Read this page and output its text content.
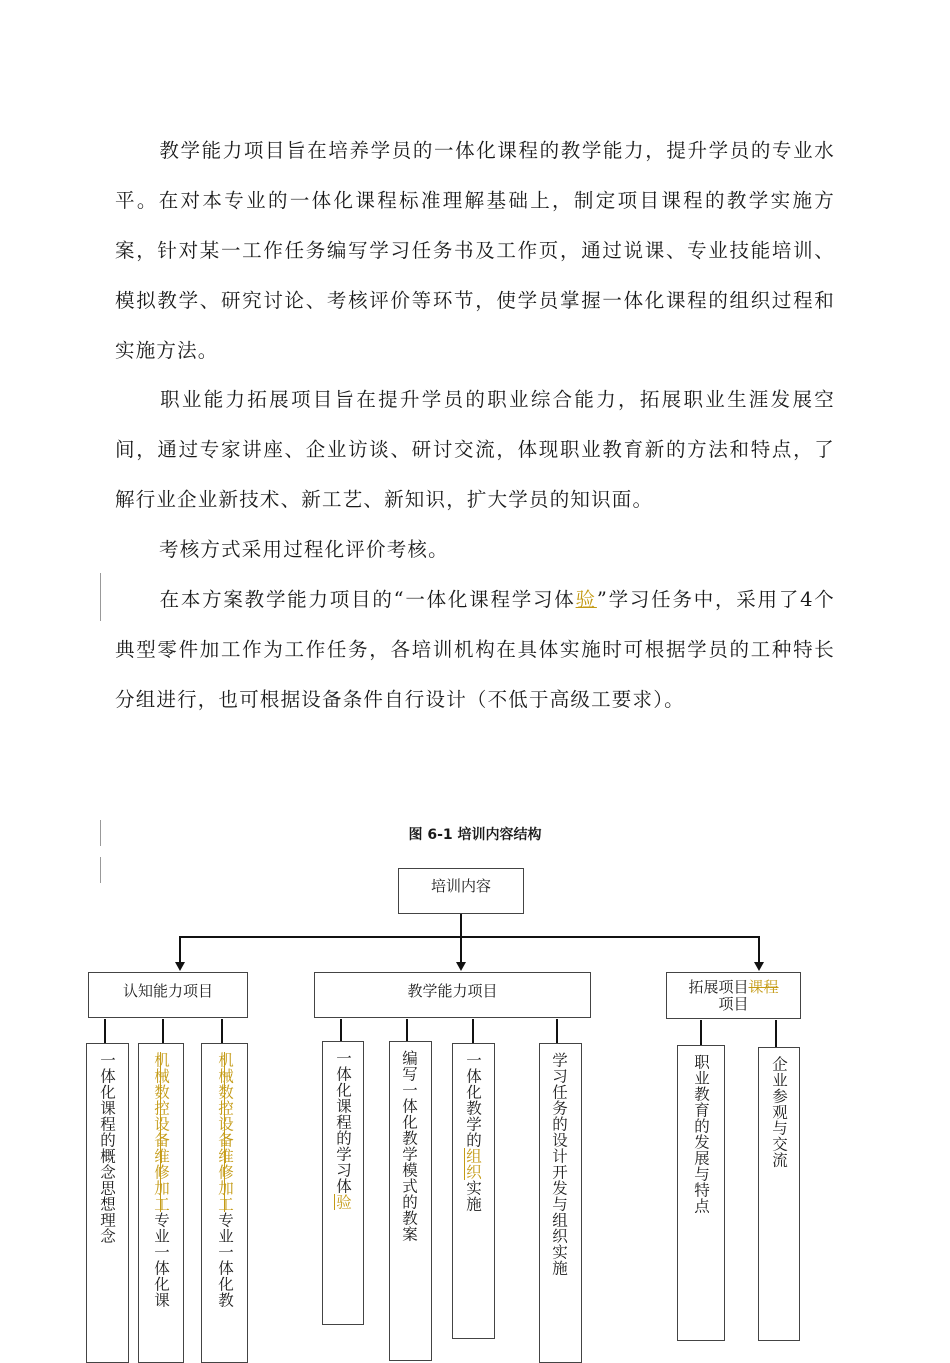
教学能力项目旨在培养学员的一体化课程的教学能力，提升学员的专业水平。在对本专业的一体化课程标准理解基础上，制定项目课程的教学实施方案，针对某一工作任务编写学习任务书及工作页，通过说课、专业技能培训、模拟教学、研究讨论、考核评价等环节，使学员掌握一体化课程的组织过程和实施方法。

职业能力拓展项目旨在提升学员的职业综合能力，拓展职业生涯发展空间，通过专家讲座、企业访谈、研讨交流，体现职业教育新的方法和特点，了解行业企业新技术、新工艺、新知识，扩大学员的知识面。

考核方式采用过程化评价考核。

在本方案教学能力项目的“一体化课程学习体验”学习任务中，采用了4个典型零件加工作为工作任务，各培训机构在具体实施时可根据学员的工种特长分组进行，也可根据设备条件自行设计（不低于高级工要求）。

图 6-1 培训内容结构
培训内容
认知能力项目	教学能力项目	拓展项目课程
项目
一体化课程的概念思想理念	机械数控设备维修加工专业一体化课
机械数控设备维修加工专业一体化教
一体化课程的学习体验	编写一体化教学模式的教案	一体化教学的组织实施	学习任务的设计开发与组织实施	职业教育的发展与特点	企业参观与交流
